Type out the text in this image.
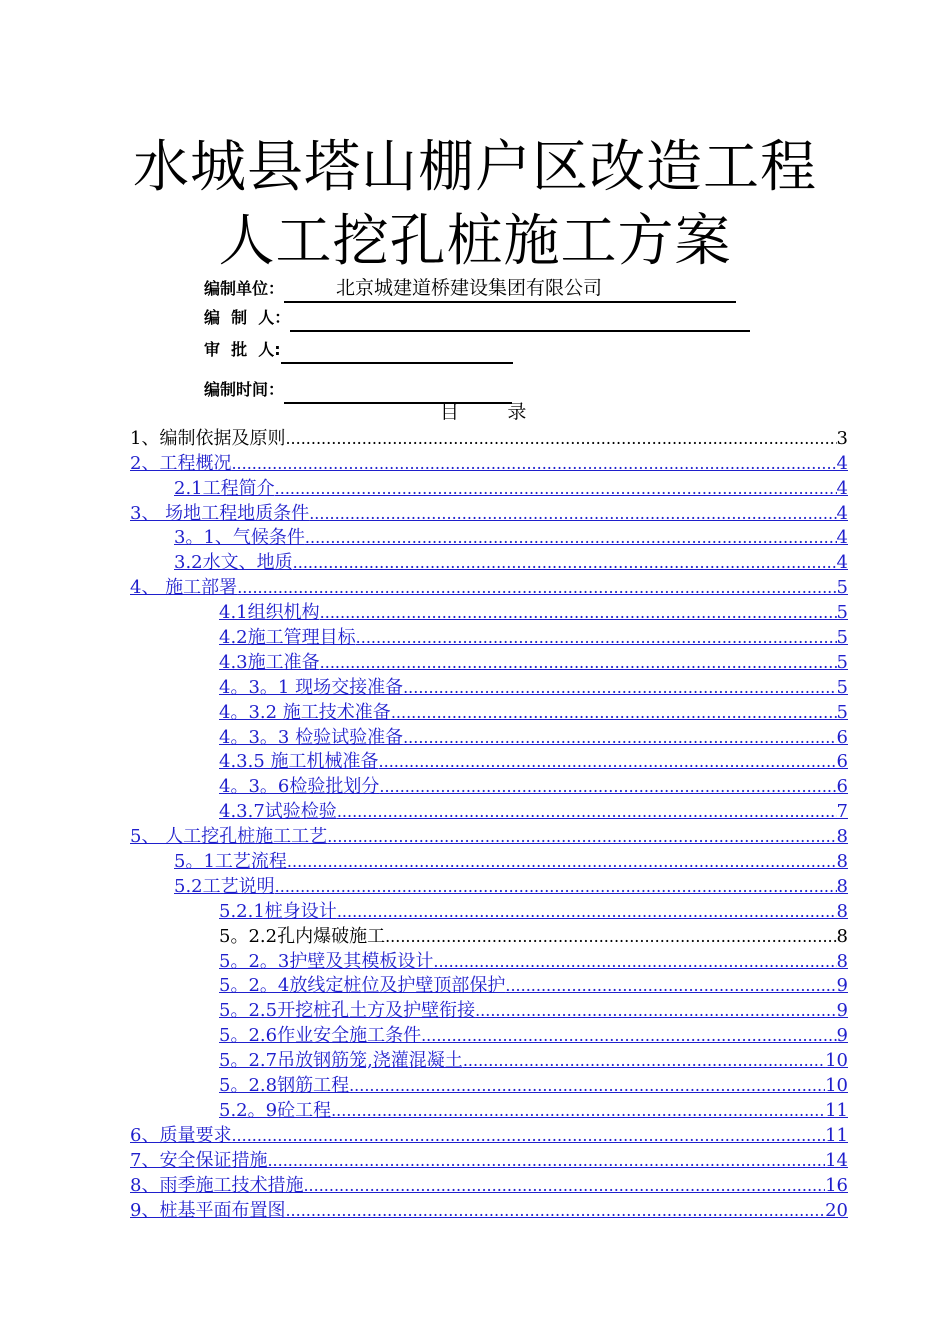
水城县塔山棚户区改造工程
人工挖孔桩施工方案
编制单位：	北京城建道桥建设集团有限公司
编  制  人：
审  批  人:
编制时间：
目        录
1、编制依据及原则 .....	3
2、工程概况 .....	4
2.1工程简介 .....	4
3、 场地工程地质条件 .....	4
3。1、气候条件 .....	4
3.2水文、地质 .....	4
4、 施工部署 .....	5
4.1组织机构 .....	5
4.2施工管理目标 .....	5
4.3施工准备 .....	5
4。3。1 现场交接准备 .....	5
4。3.2 施工技术准备 .....	5
4。3。3 检验试验准备 .....	6
4.3.5 施工机械准备 .....	6
4。3。6检验批划分 .....	6
4.3.7试验检验 .....	7
5、 人工挖孔桩施工工艺 .....	8
5。1工艺流程 .....	8
5.2工艺说明 .....	8
5.2.1桩身设计 .....	8
5。2.2孔内爆破施工 .....	8
5。2。3护壁及其模板设计 .....	8
5。2。4放线定桩位及护壁顶部保护 .....	9
5。2.5开挖桩孔土方及护壁衔接 .....	9
5。2.6作业安全施工条件 .....	9
5。2.7吊放钢筋笼,浇灌混凝土 .....	10
5。2.8钢筋工程 .....	10
5.2。9砼工程 .....	11
6、质量要求 .....	11
7、安全保证措施 .....	14
8、雨季施工技术措施 .....	16
9、桩基平面布置图 .....	20
